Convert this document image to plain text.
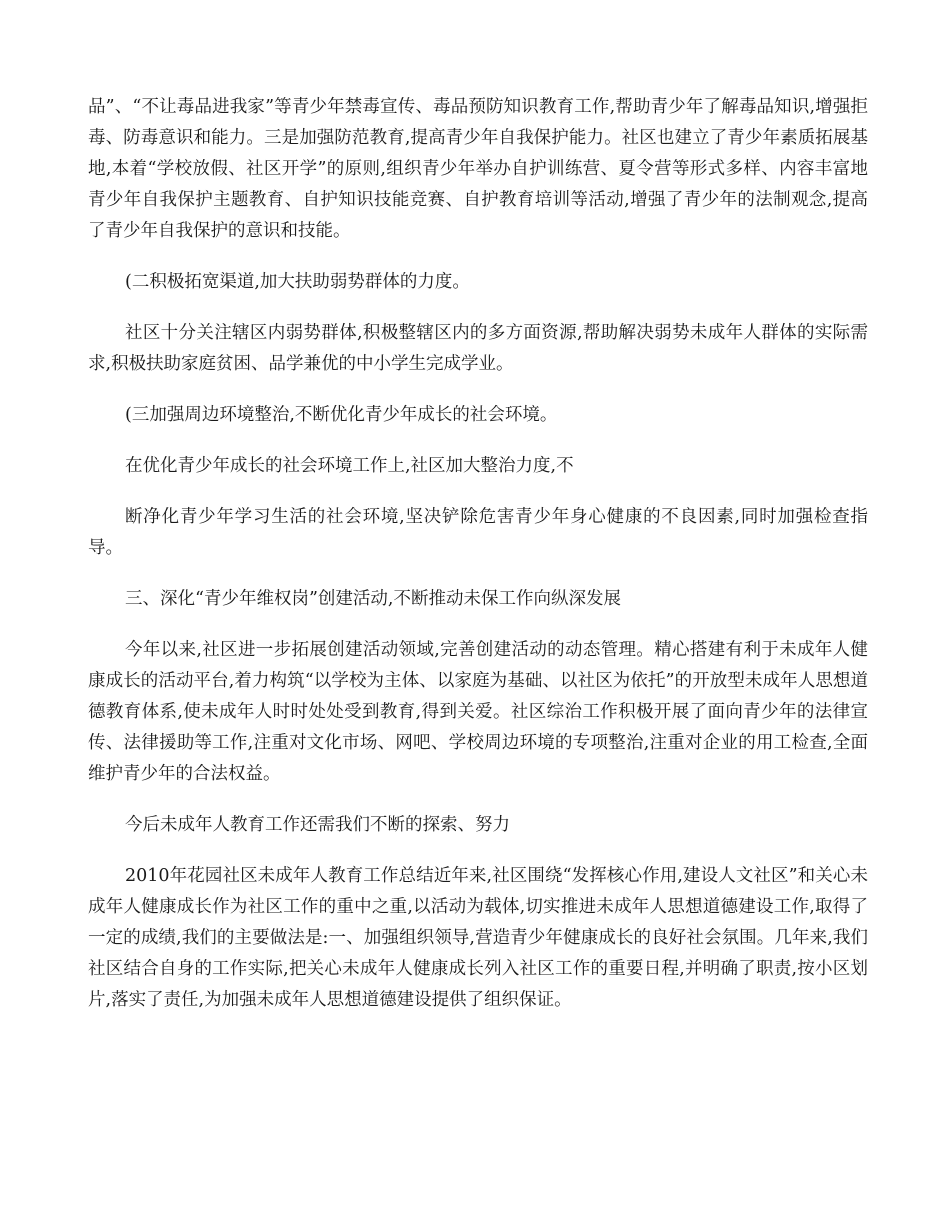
品”、“不让毒品进我家”等青少年禁毒宣传、毒品预防知识教育工作,帮助青少年了解毒品知识,增强拒毒、防毒意识和能力。三是加强防范教育,提高青少年自我保护能力。社区也建立了青少年素质拓展基地,本着“学校放假、社区开学”的原则,组织青少年举办自护训练营、夏令营等形式多样、内容丰富地青少年自我保护主题教育、自护知识技能竞赛、自护教育培训等活动,增强了青少年的法制观念,提高了青少年自我保护的意识和技能。

(二积极拓宽渠道,加大扶助弱势群体的力度。

社区十分关注辖区内弱势群体,积极整辖区内的多方面资源,帮助解决弱势未成年人群体的实际需求,积极扶助家庭贫困、品学兼优的中小学生完成学业。

(三加强周边环境整治,不断优化青少年成长的社会环境。

在优化青少年成长的社会环境工作上,社区加大整治力度,不

断净化青少年学习生活的社会环境,坚决铲除危害青少年身心健康的不良因素,同时加强检查指导。

三、深化“青少年维权岗”创建活动,不断推动未保工作向纵深发展

今年以来,社区进一步拓展创建活动领域,完善创建活动的动态管理。精心搭建有利于未成年人健康成长的活动平台,着力构筑“以学校为主体、以家庭为基础、以社区为依托”的开放型未成年人思想道德教育体系,使未成年人时时处处受到教育,得到关爱。社区综治工作积极开展了面向青少年的法律宣传、法律援助等工作,注重对文化市场、网吧、学校周边环境的专项整治,注重对企业的用工检查,全面维护青少年的合法权益。

今后未成年人教育工作还需我们不断的探索、努力

2010年花园社区未成年人教育工作总结近年来,社区围绕“发挥核心作用,建设人文社区”和关心未成年人健康成长作为社区工作的重中之重,以活动为载体,切实推进未成年人思想道德建设工作,取得了一定的成绩,我们的主要做法是:一、加强组织领导,营造青少年健康成长的良好社会氛围。几年来,我们社区结合自身的工作实际,把关心未成年人健康成长列入社区工作的重要日程,并明确了职责,按小区划片,落实了责任,为加强未成年人思想道德建设提供了组织保证。
